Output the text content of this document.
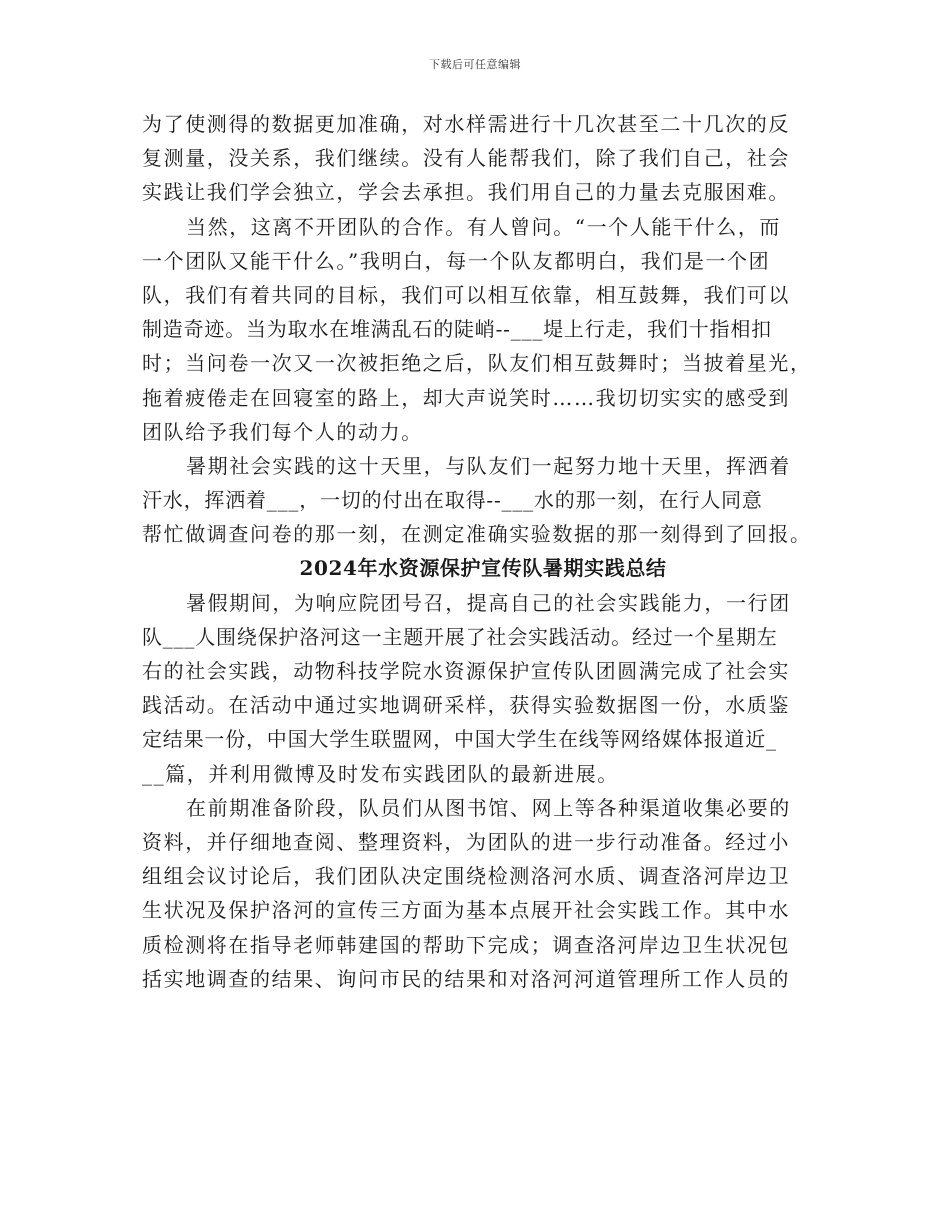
下载后可任意编辑
为了使测得的数据更加准确，对水样需进行十几次甚至二十几次的反
复测量，没关系，我们继续。没有人能帮我们，除了我们自己，社会
实践让我们学会独立，学会去承担。我们用自己的力量去克服困难。
当然，这离不开团队的合作。有人曾问。“一个人能干什么，而
一个团队又能干什么。”我明白，每一个队友都明白，我们是一个团
队，我们有着共同的目标，我们可以相互依靠，相互鼓舞，我们可以
制造奇迹。当为取水在堆满乱石的陡峭--___堤上行走，我们十指相扣
时；当问卷一次又一次被拒绝之后，队友们相互鼓舞时；当披着星光，
拖着疲倦走在回寝室的路上，却大声说笑时……我切切实实的感受到
团队给予我们每个人的动力。
暑期社会实践的这十天里，与队友们一起努力地十天里，挥洒着
汗水，挥洒着___，一切的付出在取得--___水的那一刻，在行人同意
帮忙做调查问卷的那一刻，在测定准确实验数据的那一刻得到了回报。
2024年水资源保护宣传队暑期实践总结
暑假期间，为响应院团号召，提高自己的社会实践能力，一行团
队___人围绕保护洛河这一主题开展了社会实践活动。经过一个星期左
右的社会实践，动物科技学院水资源保护宣传队团圆满完成了社会实
践活动。在活动中通过实地调研采样，获得实验数据图一份，水质鉴
定结果一份，中国大学生联盟网，中国大学生在线等网络媒体报道近_
__篇，并利用微博及时发布实践团队的最新进展。
在前期准备阶段，队员们从图书馆、网上等各种渠道收集必要的
资料，并仔细地查阅、整理资料，为团队的进一步行动准备。经过小
组组会议讨论后，我们团队决定围绕检测洛河水质、调查洛河岸边卫
生状况及保护洛河的宣传三方面为基本点展开社会实践工作。其中水
质检测将在指导老师韩建国的帮助下完成；调查洛河岸边卫生状况包
括实地调查的结果、询问市民的结果和对洛河河道管理所工作人员的
